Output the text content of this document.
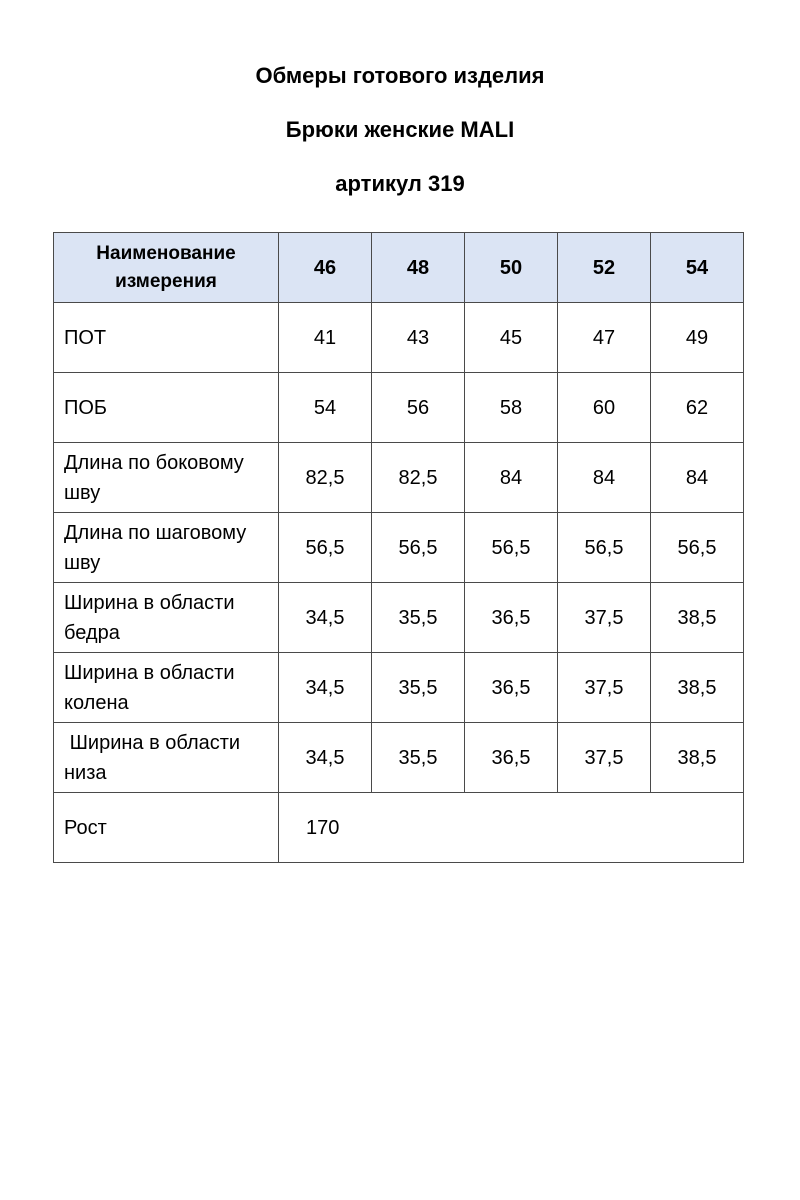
Обмеры готового изделия
Брюки женские MALI
артикул 319
Наименование измерения	46	48	50	52	54
ПОТ	41	43	45	47	49
ПОБ	54	56	58	60	62
Длина по боковому шву	82,5	82,5	84	84	84
Длина по шаговому шву	56,5	56,5	56,5	56,5	56,5
Ширина в области бедра	34,5	35,5	36,5	37,5	38,5
Ширина в области колена	34,5	35,5	36,5	37,5	38,5
Ширина в области низа	34,5	35,5	36,5	37,5	38,5
Рост	170				
